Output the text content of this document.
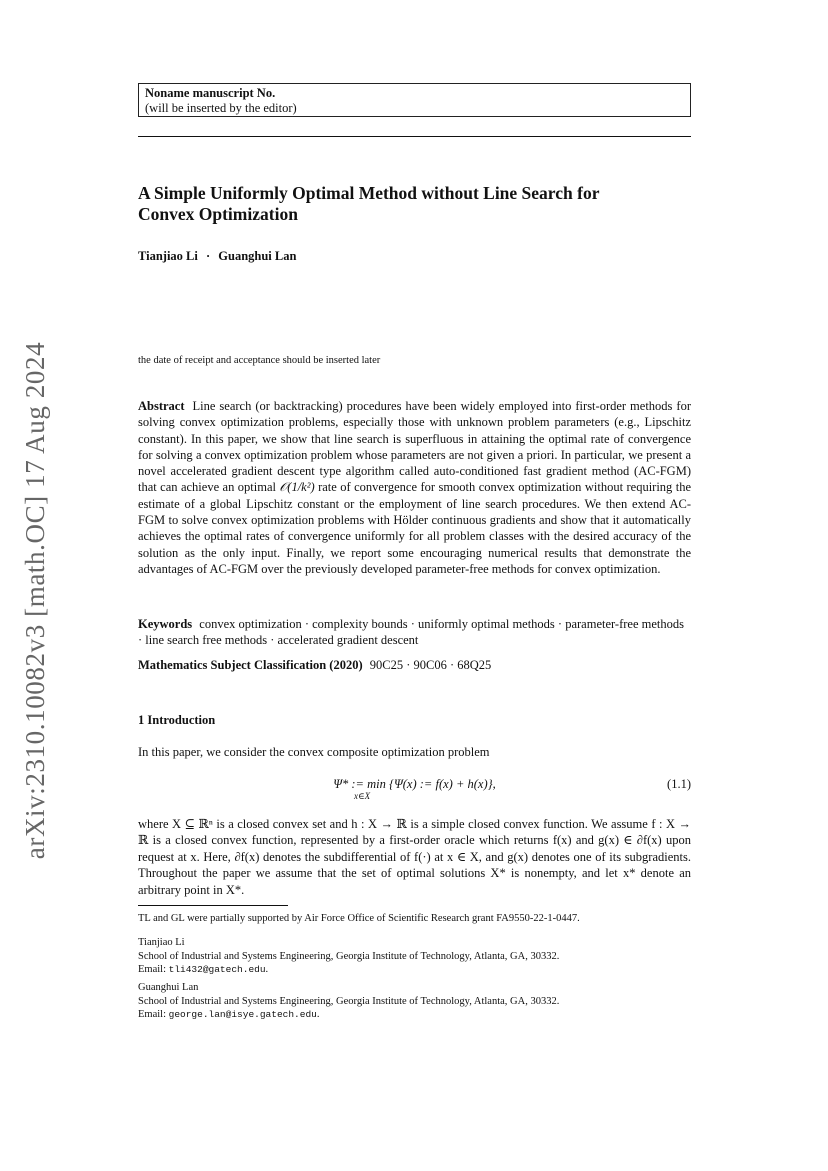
arXiv:2310.10082v3 [math.OC] 17 Aug 2024
Noname manuscript No.
(will be inserted by the editor)
A Simple Uniformly Optimal Method without Line Search for
Convex Optimization
Tianjiao Li · Guanghui Lan
the date of receipt and acceptance should be inserted later
Abstract Line search (or backtracking) procedures have been widely employed into first-order methods for solving convex optimization problems, especially those with unknown problem parameters (e.g., Lipschitz constant). In this paper, we show that line search is superfluous in attaining the optimal rate of convergence for solving a convex optimization problem whose parameters are not given a priori. In particular, we present a novel accelerated gradient descent type algorithm called auto-conditioned fast gradient method (AC-FGM) that can achieve an optimal 𝒪(1/k²) rate of convergence for smooth convex optimization without requiring the estimate of a global Lipschitz constant or the employment of line search procedures. We then extend AC-FGM to solve convex optimization problems with Hölder continuous gradients and show that it automatically achieves the optimal rates of convergence uniformly for all problem classes with the desired accuracy of the solution as the only input. Finally, we report some encouraging numerical results that demonstrate the advantages of AC-FGM over the previously developed parameter-free methods for convex optimization.
Keywords convex optimization · complexity bounds · uniformly optimal methods · parameter-free methods · line search free methods · accelerated gradient descent
Mathematics Subject Classification (2020) 90C25 · 90C06 · 68Q25
1 Introduction
In this paper, we consider the convex composite optimization problem
Ψ* := min {Ψ(x) := f(x) + h(x)},
x∈X
(1.1)
where X ⊆ ℝⁿ is a closed convex set and h : X → ℝ is a simple closed convex function. We assume f : X → ℝ is a closed convex function, represented by a first-order oracle which returns f(x) and g(x) ∈ ∂f(x) upon request at x. Here, ∂f(x) denotes the subdifferential of f(·) at x ∈ X, and g(x) denotes one of its subgradients. Throughout the paper we assume that the set of optimal solutions X* is nonempty, and let x* denote an arbitrary point in X*.
TL and GL were partially supported by Air Force Office of Scientific Research grant FA9550-22-1-0447.
Tianjiao Li
School of Industrial and Systems Engineering, Georgia Institute of Technology, Atlanta, GA, 30332.
Email: tli432@gatech.edu.
Guanghui Lan
School of Industrial and Systems Engineering, Georgia Institute of Technology, Atlanta, GA, 30332.
Email: george.lan@isye.gatech.edu.
